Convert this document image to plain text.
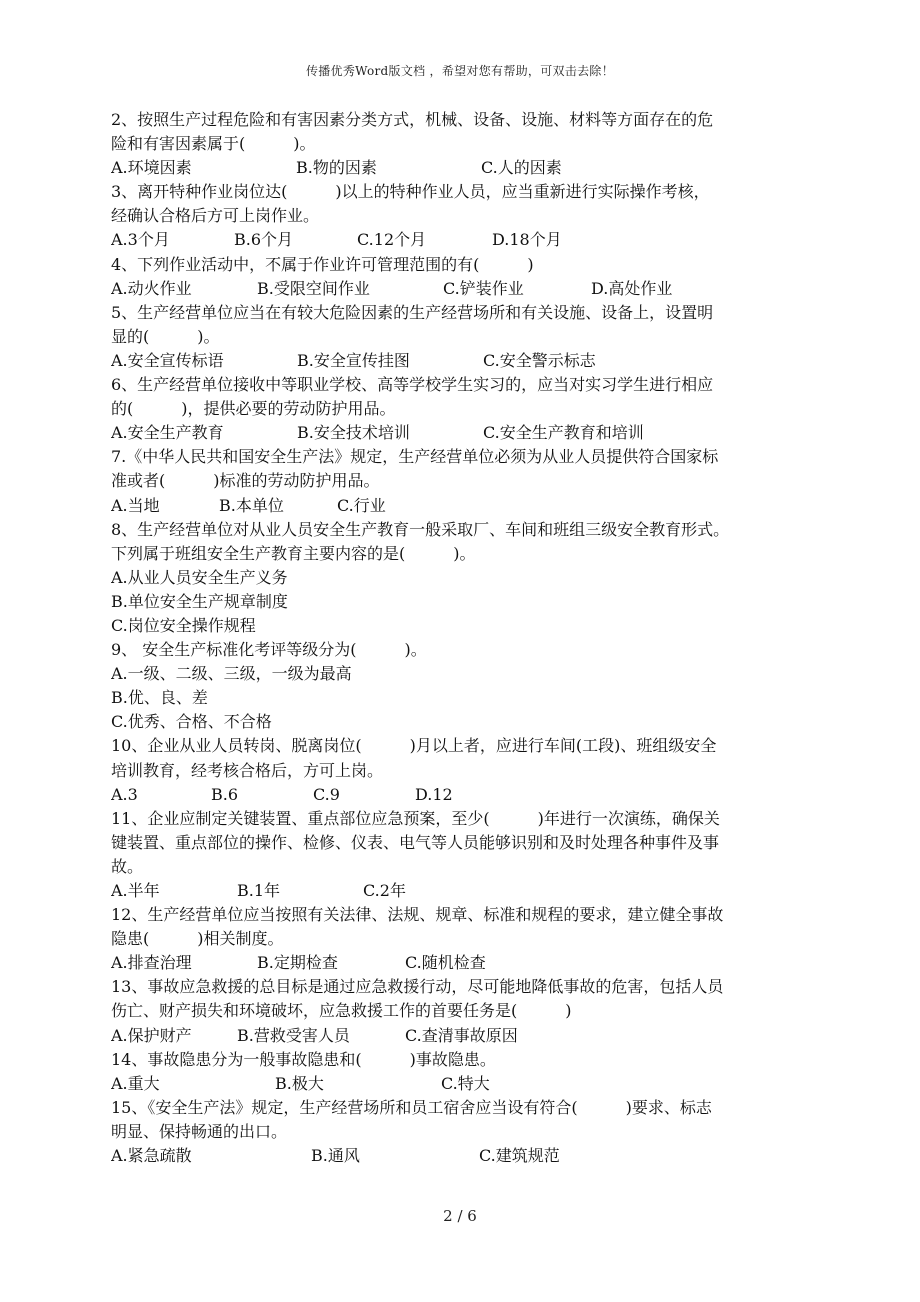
传播优秀Word版文档 ，希望对您有帮助，可双击去除！
2、按照生产过程危险和有害因素分类方式，机械、设备、设施、材料等方面存在的危
险和有害因素属于(　　　)。
A.环境因素	B.物的因素	C.人的因素
3、离开特种作业岗位达(　　　)以上的特种作业人员，应当重新进行实际操作考核，
经确认合格后方可上岗作业。
A.3个月	B.6个月	C.12个月	D.18个月
4、下列作业活动中，不属于作业许可管理范围的有(　　　)
A.动火作业	B.受限空间作业	C.铲装作业	D.高处作业
5、生产经营单位应当在有较大危险因素的生产经营场所和有关设施、设备上，设置明
显的(　　　)。
A.安全宣传标语	B.安全宣传挂图	C.安全警示标志
6、生产经营单位接收中等职业学校、高等学校学生实习的，应当对实习学生进行相应
的(　　　)，提供必要的劳动防护用品。
A.安全生产教育	B.安全技术培训	C.安全生产教育和培训
7.《中华人民共和国安全生产法》规定，生产经营单位必须为从业人员提供符合国家标
准或者(　　　)标准的劳动防护用品。
A.当地	B.本单位	C.行业
8、生产经营单位对从业人员安全生产教育一般采取厂、车间和班组三级安全教育形式。
下列属于班组安全生产教育主要内容的是(　　　)。
A.从业人员安全生产义务
B.单位安全生产规章制度
C.岗位安全操作规程
9、 安全生产标准化考评等级分为(　　　)。
A.一级、二级、三级，一级为最高
B.优、良、差
C.优秀、合格、不合格
10、企业从业人员转岗、脱离岗位(　　　)月以上者，应进行车间(工段)、班组级安全
培训教育，经考核合格后，方可上岗。
A.3	B.6	C.9	D.12
11、企业应制定关键装置、重点部位应急预案，至少(　　　)年进行一次演练，确保关
键装置、重点部位的操作、检修、仪表、电气等人员能够识别和及时处理各种事件及事
故。
A.半年	B.1年	C.2年
12、生产经营单位应当按照有关法律、法规、规章、标准和规程的要求，建立健全事故
隐患(　　　)相关制度。
A.排查治理	B.定期检查	C.随机检查
13、事故应急救援的总目标是通过应急救援行动，尽可能地降低事故的危害，包括人员
伤亡、财产损失和环境破坏，应急救援工作的首要任务是(　　　)
A.保护财产	B.营救受害人员	C.查清事故原因
14、事故隐患分为一般事故隐患和(　　　)事故隐患。
A.重大	B.极大	C.特大
15、《安全生产法》规定，生产经营场所和员工宿舍应当设有符合(　　　)要求、标志
明显、保持畅通的出口。
A.紧急疏散	B.通风	C.建筑规范
2 / 6
